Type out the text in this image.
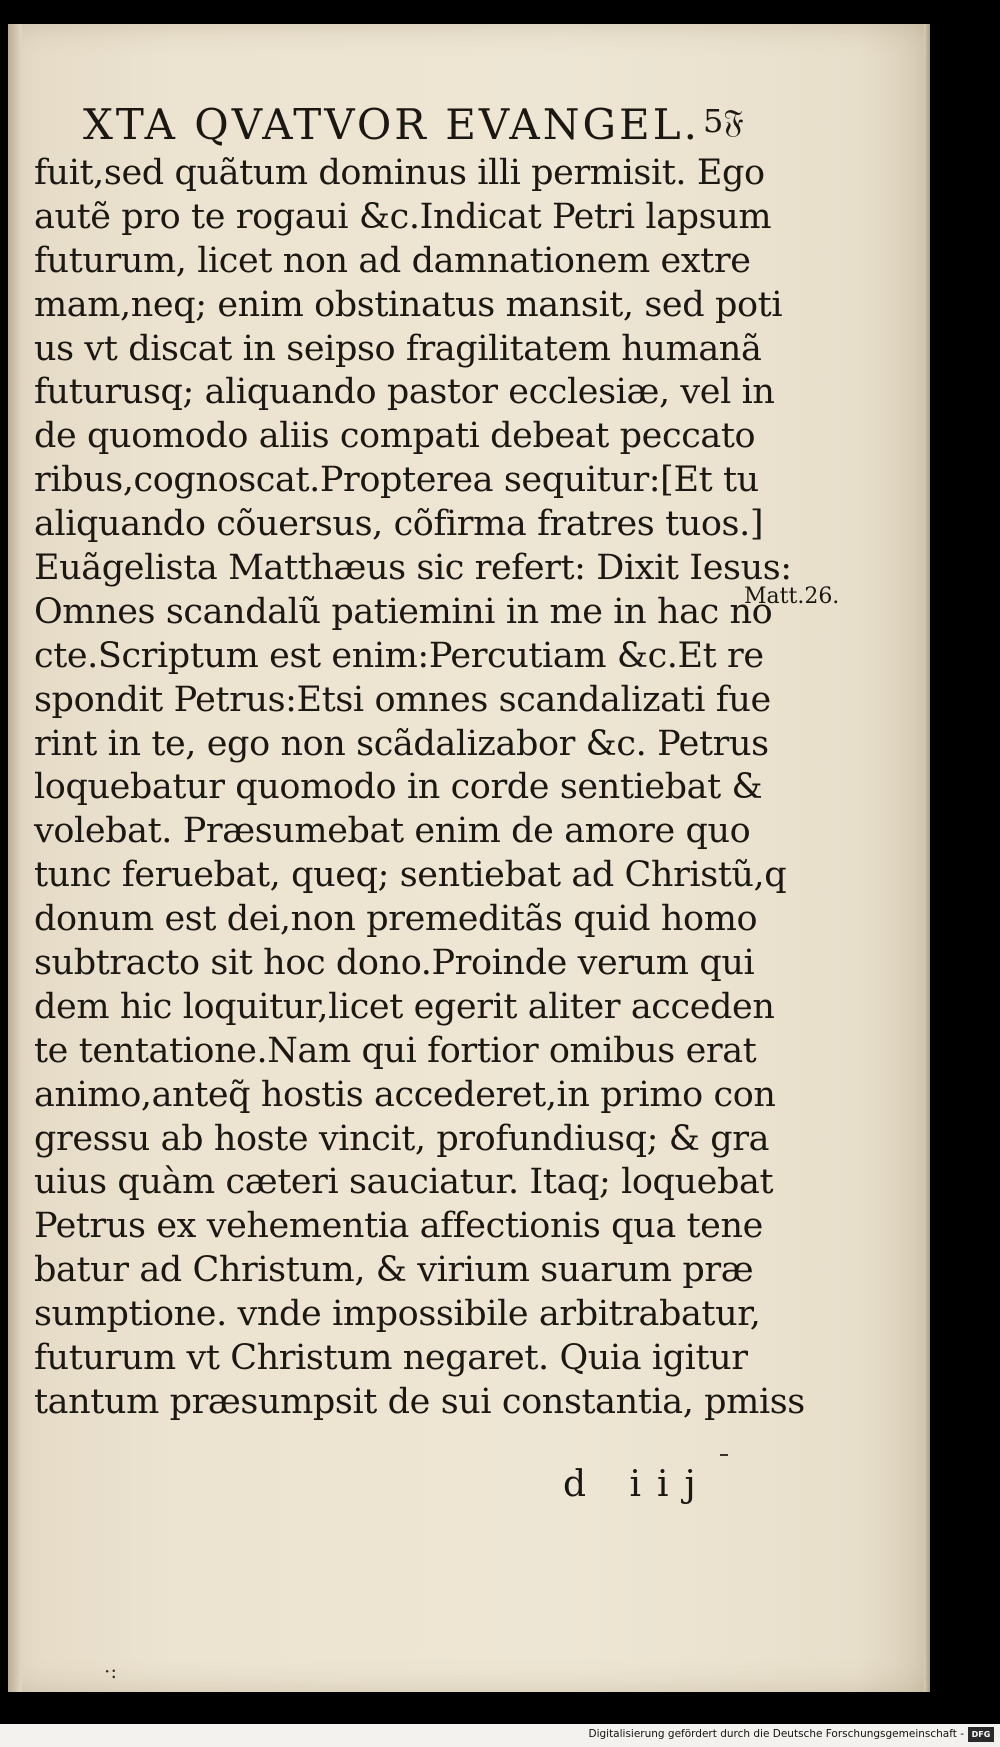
XTA QVATVOR EVANGEL. 5𝔉
fuit,sed quãtum dominus illi permisit. Ego
autẽ pro te rogaui &c.Indicat Petri lapsum
futurum, licet non ad damnationem extre
mam,neq; enim obstinatus mansit, sed poti
us vt discat in seipso fragilitatem humanã
futurusq; aliquando pastor ecclesiæ, vel in
de quomodo aliis compati debeat peccato
ribus,cognoscat.Propterea sequitur:[Et tu
aliquando cõuersus, cõfirma fratres tuos.]
Euãgelista Matthæus sic refert: Dixit Iesus:
Omnes scandalũ patiemini in me in hac no
cte.Scriptum est enim:Percutiam &c.Et re
spondit Petrus:Etsi omnes scandalizati fue
rint in te, ego non scãdalizabor &c. Petrus
loquebatur quomodo in corde sentiebat &
volebat. Præsumebat enim de amore quo
tunc feruebat, queq; sentiebat ad Christũ,q
donum est dei,non premeditãs quid homo
subtracto sit hoc dono.Proinde verum qui
dem hic loquitur,licet egerit aliter acceden
te tentatione.Nam qui fortior omibus erat
animo,anteq̃ hostis accederet,in primo con
gressu ab hoste vincit, profundiusq; & gra
uius quàm cæteri sauciatur. Itaq; loquebat
Petrus ex vehementia affectionis qua tene
batur ad Christum, & virium suarum præ
sumptione. vnde impossibile arbitrabatur,
futurum vt Christum negaret. Quia igitur
tantum præsumpsit de sui constantia, pmiss
Matt.26.
d iij
·:
Digitalisierung gefördert durch die Deutsche Forschungsgemeinschaft - DFG
